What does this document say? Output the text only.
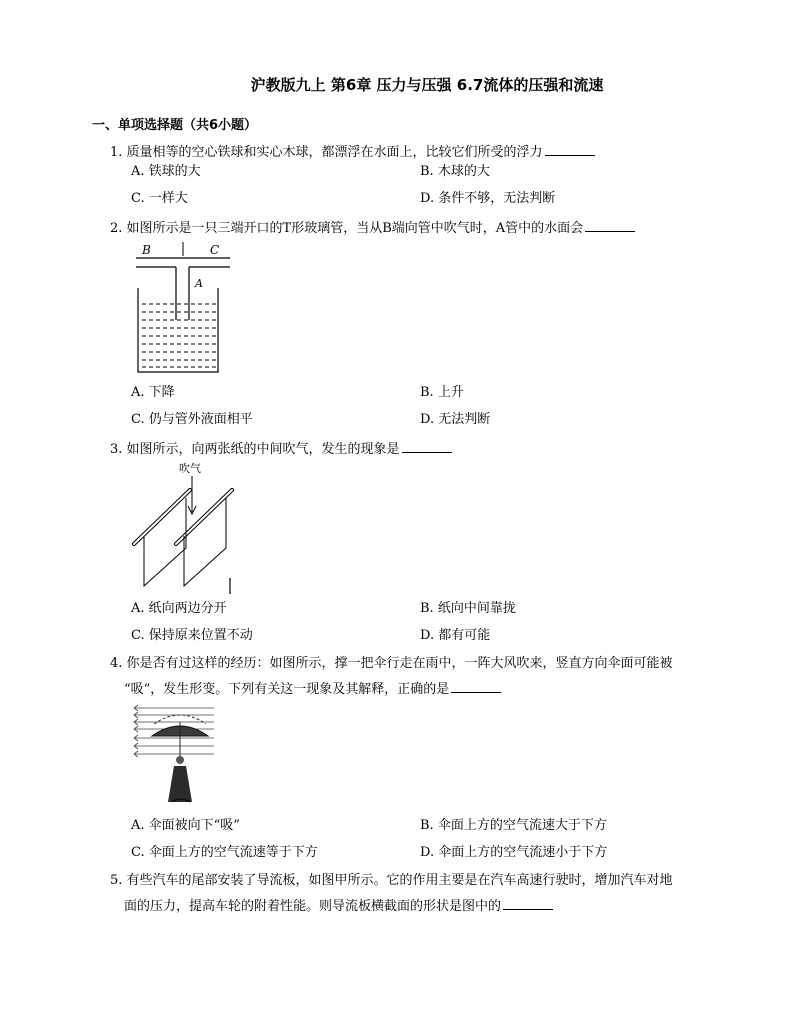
沪教版九上 第6章 压力与压强 6.7流体的压强和流速
一、单项选择题（共6小题）
1. 质量相等的空心铁球和实心木球，都漂浮在水面上，比较它们所受的浮力
A. 铁球的大	B. 木球的大
C. 一样大	D. 条件不够，无法判断
2. 如图所示是一只三端开口的T形玻璃管，当从B端向管中吹气时，A管中的水面会
B	C
A
A. 下降	B. 上升
C. 仍与管外液面相平	D. 无法判断
3. 如图所示，向两张纸的中间吹气，发生的现象是
吹气
A. 纸向两边分开	B. 纸向中间靠拢
C. 保持原来位置不动	D. 都有可能
4. 你是否有过这样的经历：如图所示，撑一把伞行走在雨中，一阵大风吹来，竖直方向伞面可能被
“吸”，发生形变。下列有关这一现象及其解释，正确的是
A. 伞面被向下“吸”	B. 伞面上方的空气流速大于下方
C. 伞面上方的空气流速等于下方	D. 伞面上方的空气流速小于下方
5. 有些汽车的尾部安装了导流板，如图甲所示。它的作用主要是在汽车高速行驶时，增加汽车对地
面的压力，提高车轮的附着性能。则导流板横截面的形状是图中的
